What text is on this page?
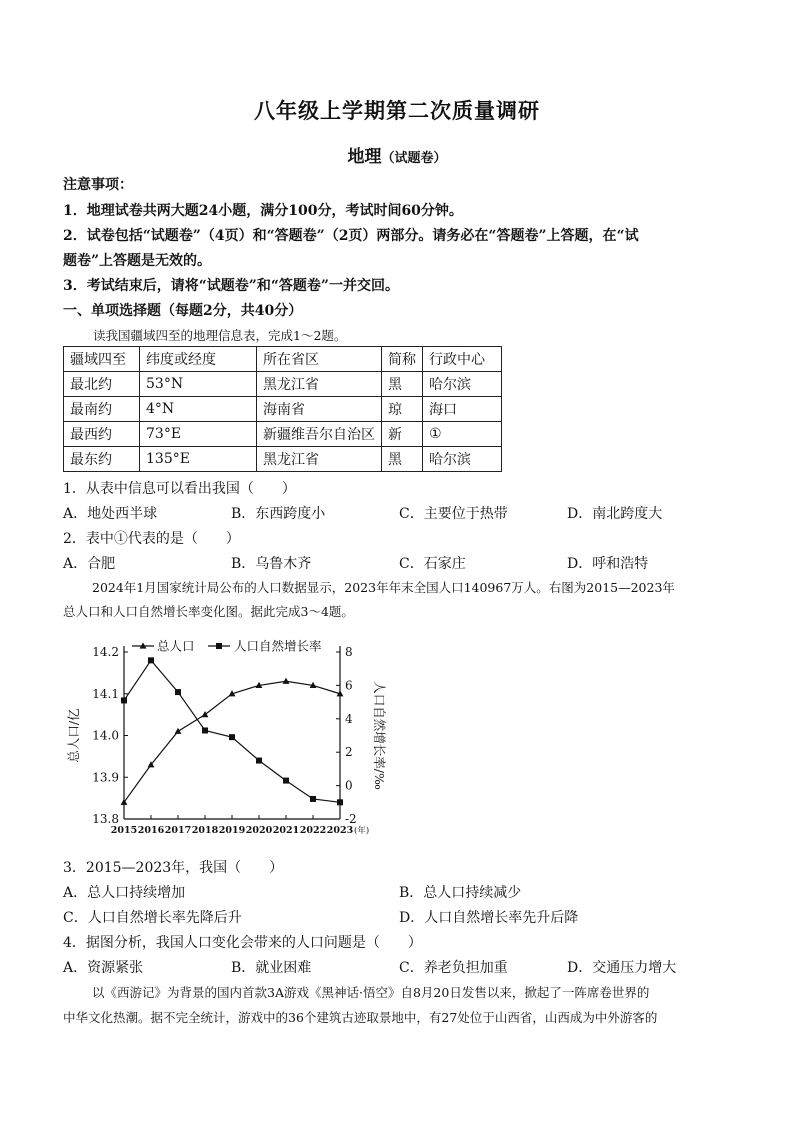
八年级上学期第二次质量调研
地理（试题卷）
注意事项：
1．地理试卷共两大题24小题，满分100分，考试时间60分钟。
2．试卷包括“试题卷”（4页）和“答题卷”（2页）两部分。请务必在“答题卷”上答题，在“试
题卷”上答题是无效的。
3．考试结束后，请将“试题卷”和“答题卷”一并交回。
一、单项选择题（每题2分，共40分）
读我国疆域四至的地理信息表，完成1～2题。
疆域四至	纬度或经度	所在省区	简称	行政中心
最北约	53°N	黑龙江省	黑	哈尔滨
最南约	4°N	海南省	琼	海口
最西约	73°E	新疆维吾尔自治区	新	①
最东约	135°E	黑龙江省	黑	哈尔滨
1．从表中信息可以看出我国（　　）
A．地处西半球	B．东西跨度小	C．主要位于热带	D．南北跨度大
2．表中①代表的是（　　）
A．合肥	B．乌鲁木齐	C．石家庄	D．呼和浩特
2024年1月国家统计局公布的人口数据显示，2023年年末全国人口140967万人。右图为2015—2023年
总人口和人口自然增长率变化图。据此完成3～4题。
13.8
13.9
14.0
14.1
14.2
-2
0
2
4
6
8
2015 2016 2017 2018 2019 2020 2021 2022 2023 (年)
总人口/亿	人口自然增长率/‰
总人口	人口自然增长率
3．2015—2023年，我国（　　）
A．总人口持续增加	B．总人口持续减少
C．人口自然增长率先降后升	D．人口自然增长率先升后降
4．据图分析，我国人口变化会带来的人口问题是（　　）
A．资源紧张	B．就业困难	C．养老负担加重	D．交通压力增大
以《西游记》为背景的国内首款3A游戏《黑神话·悟空》自8月20日发售以来，掀起了一阵席卷世界的
中华文化热潮。据不完全统计，游戏中的36个建筑古迹取景地中，有27处位于山西省，山西成为中外游客的
